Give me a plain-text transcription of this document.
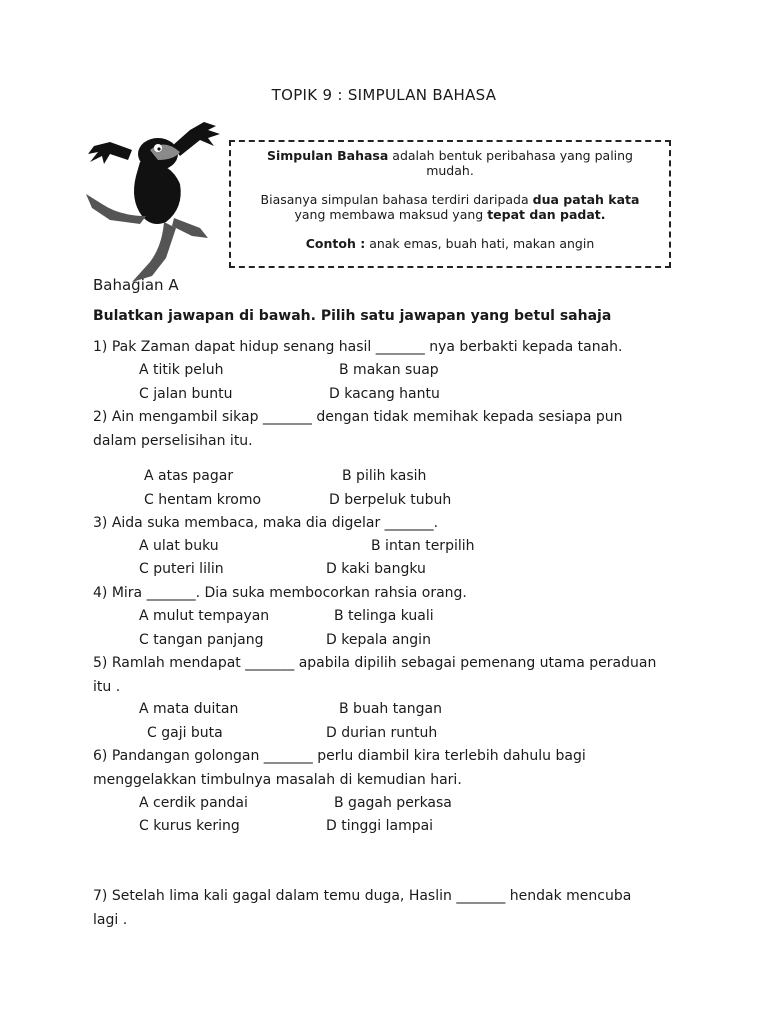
TOPIK 9 : SIMPULAN BAHASA

Simpulan Bahasa adalah bentuk peribahasa yang paling
mudah.

Biasanya simpulan bahasa terdiri daripada dua patah kata
yang membawa maksud yang tepat dan padat.

Contoh : anak emas, buah hati, makan angin

Bahagian A
Bulatkan jawapan di bawah. Pilih satu jawapan yang betul sahaja
1) Pak Zaman dapat hidup senang hasil _______ nya berbakti kepada tanah.
A titik peluh	B makan suap
C jalan buntu	D kacang hantu
2) Ain mengambil sikap _______ dengan tidak memihak kepada sesiapa pun
dalam perselisihan itu.
A atas pagar	B pilih kasih
C hentam kromo	D berpeluk tubuh
3) Aida suka membaca, maka dia digelar _______.
A ulat buku	B intan terpilih
C puteri lilin	D kaki bangku
4) Mira _______. Dia suka membocorkan rahsia orang.
A mulut tempayan	B telinga kuali
C tangan panjang	D kepala angin
5) Ramlah mendapat _______ apabila dipilih sebagai pemenang utama peraduan
itu .
A mata duitan	B buah tangan
C gaji buta	D durian runtuh
6) Pandangan golongan _______ perlu diambil kira terlebih dahulu bagi
menggelakkan timbulnya masalah di kemudian hari.
A cerdik pandai	B gagah perkasa
C kurus kering	D tinggi lampai
7) Setelah lima kali gagal dalam temu duga, Haslin _______ hendak mencuba
lagi .
